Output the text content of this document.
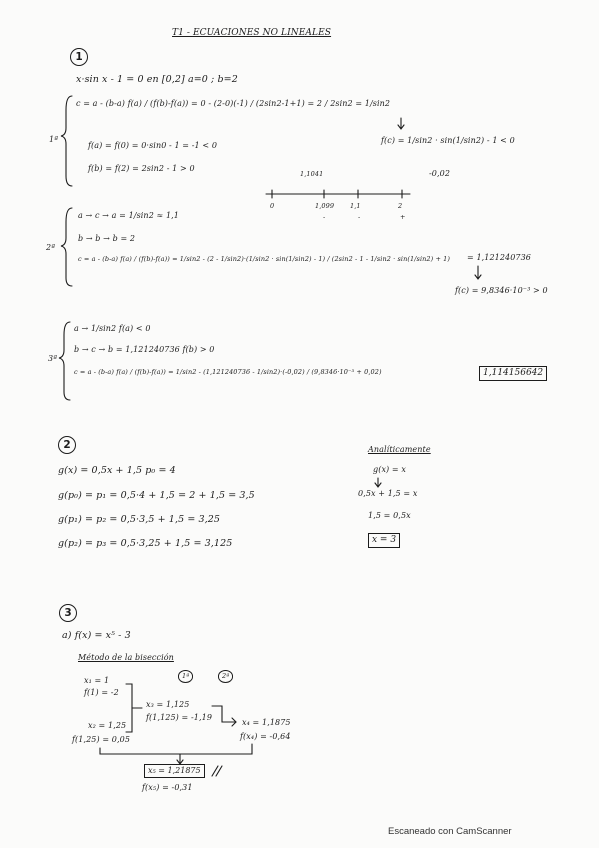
T1 - ECUACIONES NO LINEALES
1
x·sin x - 1 = 0 en [0,2] a=0 ; b=2
1ª
c = a - (b-a) f(a) / (f(b)-f(a)) = 0 - (2-0)(-1) / (2sin2-1+1) = 2 / 2sin2 = 1/sin2
f(a) = f(0) = 0·sin0 - 1 = -1 < 0
f(b) = f(2) = 2sin2 - 1 > 0
f(c) = 1/sin2 · sin(1/sin2) - 1 < 0
-0,02
1,1041
0	1,099 1,1	2
-	-	+
2ª
a → c → a = 1/sin2 ≈ 1,1
b → b → b = 2
c = a - (b-a) f(a) / (f(b)-f(a)) = 1/sin2 - (2 - 1/sin2)·(1/sin2 · sin(1/sin2) - 1) / (2sin2 - 1 - 1/sin2 · sin(1/sin2) + 1) = 1,121240736
f(c) = 9,8346·10⁻³ > 0
3ª
a → 1/sin2 f(a) < 0
b → c → b = 1,121240736 f(b) > 0
c = a - (b-a) f(a) / (f(b)-f(a)) = 1/sin2 - (1,121240736 - 1/sin2)·(-0,02) / (9,8346·10⁻³ + 0,02)	1,114156642
2
g(x) = 0,5x + 1,5 p₀ = 4
g(p₀) = p₁ = 0,5·4 + 1,5 = 2 + 1,5 = 3,5
g(p₁) = p₂ = 0,5·3,5 + 1,5 = 3,25
g(p₂) = p₃ = 0,5·3,25 + 1,5 = 3,125
Analíticamente
g(x) = x
0,5x + 1,5 = x
1,5 = 0,5x
x = 3
3
a) f(x) = x⁵ - 3
Método de la bisección
1ª	2ª
x₁ = 1
f(1) = -2
x₂ = 1,25
f(1,25) = 0,05
x₃ = 1,125
f(1,125) = -1,19
x₄ = 1,1875
f(x₄) = -0,64
x₅ = 1,21875
f(x₅) = -0,31
Escaneado con CamScanner
